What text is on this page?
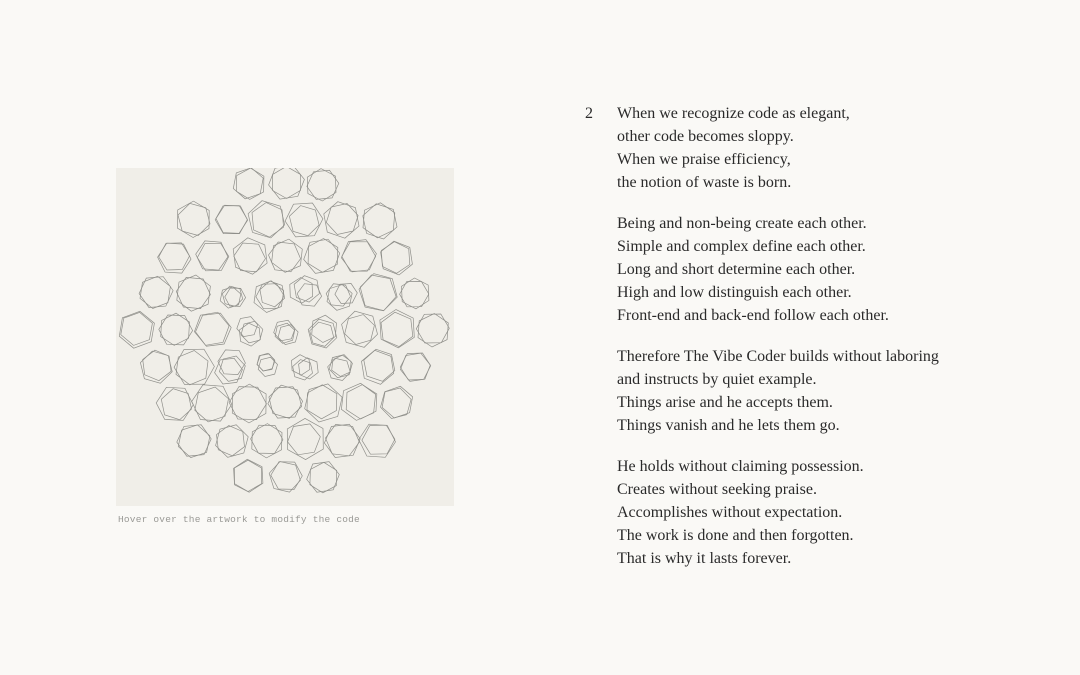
Hover over the artwork to modify the code
2 When we recognize code as elegant,
other code becomes sloppy.
When we praise efficiency,
the notion of waste is born.
Being and non-being create each other.
Simple and complex define each other.
Long and short determine each other.
High and low distinguish each other.
Front-end and back-end follow each other.
Therefore The Vibe Coder builds without laboring
and instructs by quiet example.
Things arise and he accepts them.
Things vanish and he lets them go.
He holds without claiming possession.
Creates without seeking praise.
Accomplishes without expectation.
The work is done and then forgotten.
That is why it lasts forever.
